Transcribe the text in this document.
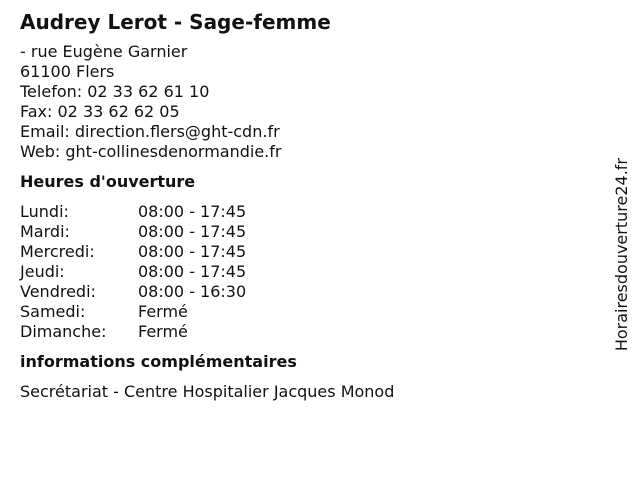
Audrey Lerot - Sage-femme
- rue Eugène Garnier
61100 Flers
Telefon: 02 33 62 61 10
Fax: 02 33 62 62 05
Email: direction.flers@ght-cdn.fr
Web: ght-collinesdenormandie.fr
Heures d'ouverture
Lundi:	08:00 - 17:45
Mardi:	08:00 - 17:45
Mercredi:	08:00 - 17:45
Jeudi:	08:00 - 17:45
Vendredi:	08:00 - 16:30
Samedi:	Fermé
Dimanche:	Fermé
informations complémentaires
Secrétariat - Centre Hospitalier Jacques Monod
Horairesdouverture24.fr
